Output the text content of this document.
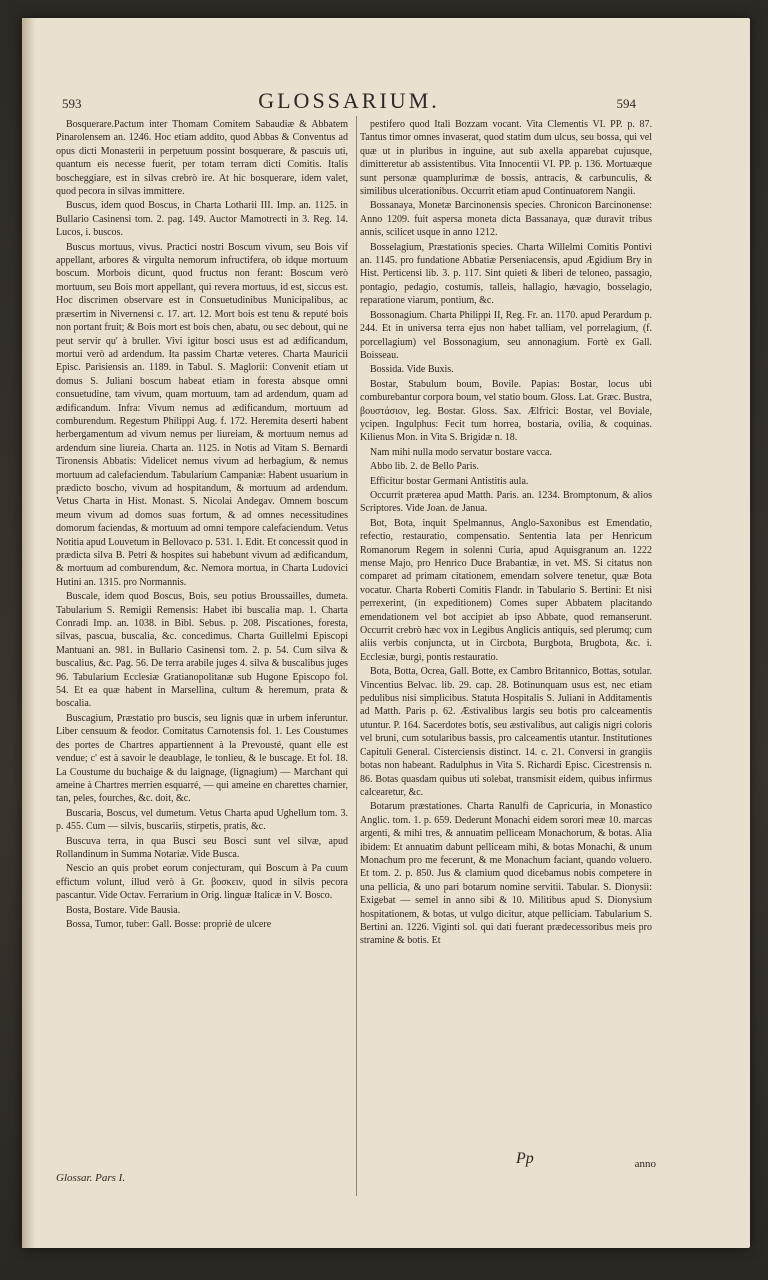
593	GLOSSARIUM.	594

Bosquerare.Pactum inter Thomam Comitem Sabaudiæ & Abbatem Pinarolensem an. 1246. Hoc etiam addito, quod Abbas & Conventus ad opus dicti Monasterii in perpetuum possint bosquerare, & pascuis uti, quantum eis necesse fuerit, per totam terram dicti Comitis. Italis boscheggiare, est in silvas crebrò ire. At hic bosquerare, idem valet, quod pecora in silvas immittere.

Buscus, idem quod Boscus, in Charta Lotharii III. Imp. an. 1125. in Bullario Casinensi tom. 2. pag. 149. Auctor Mamotrecti in 3. Reg. 14. Lucos, i. buscos.

Buscus mortuus, vivus. Practici nostri Boscum vivum, seu Bois vif appellant, arbores & virgulta nemorum infructifera, ob idque mortuum boscum. Morbois dicunt, quod fructus non ferant: Boscum verò mortuum, seu Bois mort appellant, qui revera mortuus, id est, siccus est. Hoc discrimen observare est in Consuetudinibus Municipalibus, ac præsertim in Nivernensi c. 17. art. 12. Mort bois est tenu & reputé bois non portant fruit; & Bois mort est bois chen, abatu, ou sec debout, qui ne peut servir qu' à bruller. Vivi igitur bosci usus est ad ædificandum, mortui verò ad ardendum. Ita passim Chartæ veteres. Charta Mauricii Episc. Parisiensis an. 1189. in Tabul. S. Maglorii: Convenit etiam ut domus S. Juliani boscum habeat etiam in foresta absque omni consuetudine, tam vivum, quam mortuum, tam ad ardendum, quam ad ædificandum. Infra: Vivum nemus ad ædificandum, mortuum ad comburendum. Regestum Philippi Aug. f. 172. Heremita deserti habent herbergamentum ad vivum nemus per liureiam, & mortuum nemus ad ardendum sine liureia. Charta an. 1125. in Notis ad Vitam S. Bernardi Tironensis Abbatis: Videlicet nemus vivum ad herbagium, & nemus mortuum ad calefaciendum. Tabularium Campaniæ: Habent usuarium in prædicto boscho, vivum ad hospitandum, & mortuum ad ardendum. Vetus Charta in Hist. Monast. S. Nicolai Andegav. Omnem boscum meum vivum ad domos suas fortum, & ad omnes necessitudines domorum faciendas, & mortuum ad omni tempore calefaciendum. Vetus Notitia apud Louvetum in Bellovaco p. 531. 1. Edit. Et concessit quod in prædicta silva B. Petri & hospites sui habebunt vivum ad ædificandum, & mortuum ad comburendum, &c. Nemora mortua, in Charta Ludovici Hutini an. 1315. pro Normannis.

Buscale, idem quod Boscus, Bois, seu potius Broussailles, dumeta. Tabularium S. Remigii Remensis: Habet ibi buscalia map. 1. Charta Conradi Imp. an. 1038. in Bibl. Sebus. p. 208. Piscationes, foresta, silvas, pascua, buscalia, &c. concedimus. Charta Guillelmi Episcopi Mantuani an. 981. in Bullario Casinensi tom. 2. p. 54. Cum silva & buscalius, &c. Pag. 56. De terra arabile juges 4. silva & buscalibus juges 96. Tabularium Ecclesiæ Gratianopolitanæ sub Hugone Episcopo fol. 54. Et ea quæ habent in Marsellina, cultum & heremum, prata & boscalia.

Buscagium, Præstatio pro buscis, seu lignis quæ in urbem inferuntur. Liber censuum & feodor. Comitatus Carnotensis fol. 1. Les Coustumes des portes de Chartres appartiennent à la Prevousté, quant elle est vendue; c' est à savoir le deaublage, le tonlieu, & le buscage. Et fol. 18. La Coustume du buchaige & du laignage, (lignagium) — Marchant qui ameine à Chartres merrien esquarré, — qui ameine en charettes charnier, tan, peles, fourches, &c. doit, &c.

Buscaria, Boscus, vel dumetum. Vetus Charta apud Ughellum tom. 3. p. 455. Cum — silvis, buscariis, stirpetis, pratis, &c.

Buscuva terra, in qua Busci seu Bosci sunt vel silvæ, apud Rollandinum in Summa Notariæ. Vide Busca.

Nescio an quis probet eorum conjecturam, qui Boscum à Pa cuum effictum volunt, illud verò à Gr. βοσκειν, quod in silvis pecora pascantur. Vide Octav. Ferrarium in Orig. linguæ Italicæ in V. Bosco.

Bosta, Bostare. Vide Bausia.

Bossa, Tumor, tuber: Gall. Bosse: propriè de ulcere

pestifero quod Itali Bozzam vocant. Vita Clementis VI. PP. p. 87. Tantus timor omnes invaserat, quod statim dum ulcus, seu bossa, qui vel quæ ut in pluribus in inguine, aut sub axella apparebat cujusque, dimitteretur ab assistentibus. Vita Innocentii VI. PP. p. 136. Mortuæque sunt personæ quamplurimæ de bossis, antracis, & carbunculis, & similibus ulcerationibus. Occurrit etiam apud Continuatorem Nangii.

Bossanaya, Monetæ Barcinonensis species. Chronicon Barcinonense: Anno 1209. fuit aspersa moneta dicta Bassanaya, quæ duravit tribus annis, scilicet usque in anno 1212.

Bosselagium, Præstationis species. Charta Willelmi Comitis Pontivi an. 1145. pro fundatione Abbatiæ Perseniacensis, apud Ægidium Bry in Hist. Perticensi lib. 3. p. 117. Sint quieti & liberi de teloneo, passagio, pontagio, pedagio, costumis, talleis, hallagio, hævagio, bosselagio, reparatione viarum, pontium, &c.

Bossonagium. Charta Philippi II, Reg. Fr. an. 1170. apud Perardum p. 244. Et in universa terra ejus non habet talliam, vel porrelagium, (f. porcellagium) vel Bossonagium, seu annonagium. Fortè ex Gall. Boisseau.

Bossida. Vide Buxis.

Bostar, Stabulum boum, Bovile. Papias: Bostar, locus ubi comburebantur corpora boum, vel statio boum. Gloss. Lat. Græc. Bustra, βουστάσιον, leg. Bostar. Gloss. Sax. Ælfrici: Bostar, vel Boviale, ycipen. Ingulphus: Fecit tum horrea, bostaria, ovilia, & coquinas. Kilienus Mon. in Vita S. Brigidæ n. 18.

Nam mihi nulla modo servatur bostare vacca.

Abbo lib. 2. de Bello Paris.

Efficitur bostar Germani Antistitis aula.

Occurrit præterea apud Matth. Paris. an. 1234. Bromptonum, & alios Scriptores. Vide Joan. de Janua.

Bot, Bota, inquit Spelmannus, Anglo-Saxonibus est Emendatio, refectio, restauratio, compensatio. Sententia lata per Henricum Romanorum Regem in solenni Curia, apud Aquisgranum an. 1222 mense Majo, pro Henrico Duce Brabantiæ, in vet. MS. Si citatus non comparet ad primam citationem, emendam solvere tenetur, quæ Bota vocatur. Charta Roberti Comitis Flandr. in Tabulario S. Bertini: Et nisi perrexerint, (in expeditionem) Comes super Abbatem placitando emendationem vel bot accipiet ab ipso Abbate, quod remanserunt. Occurrit crebrò hæc vox in Legibus Anglicis antiquis, sed plerumq; cum aliis verbis conjuncta, ut in Circbota, Burgbota, Brugbota, &c. i. Ecclesiæ, burgi, pontis restauratio.

Bota, Botta, Ocrea, Gall. Botte, ex Cambro Britannico, Bottas, sotular. Vincentius Belvac. lib. 29. cap. 28. Botinunquam usus est, nec etiam pedulibus nisi simplicibus. Statuta Hospitalis S. Juliani in Additamentis ad Matth. Paris p. 62. Æstivalibus largis seu botis pro calceamentis utuntur. P. 164. Sacerdotes botis, seu æstivalibus, aut caligis nigri coloris vel bruni, cum sotularibus bassis, pro calceamentis utantur. Institutiones Capituli General. Cisterciensis distinct. 14. c. 21. Conversi in grangiis botas non habeant. Radulphus in Vita S. Richardi Episc. Cicestrensis n. 86. Botas quasdam quibus uti solebat, transmisit eidem, quibus infirmus calcearetur, &c.

Botarum præstationes. Charta Ranulfi de Capricuria, in Monastico Anglic. tom. 1. p. 659. Dederunt Monachi eidem sorori meæ 10. marcas argenti, & mihi tres, & annuatim pelliceam Monachorum, & botas. Alia ibidem: Et annuatim dabunt pelliceam mihi, & botas Monachi, & unum Monachum pro me fecerunt, & me Monachum faciant, quando voluero. Et tom. 2. p. 850. Jus & clamium quod dicebamus nobis competere in una pellicia, & uno pari botarum nomine servitii. Tabular. S. Dionysii: Exigebat — semel in anno sibi & 10. Militibus apud S. Dionysium hospitationem, & botas, ut vulgo dicitur, atque pelliciam. Tabularium S. Bertini an. 1226. Viginti sol. qui dati fuerant prædecessoribus meis pro stramine & botis. Et

Glossar. Pars I.
Pp	anno
